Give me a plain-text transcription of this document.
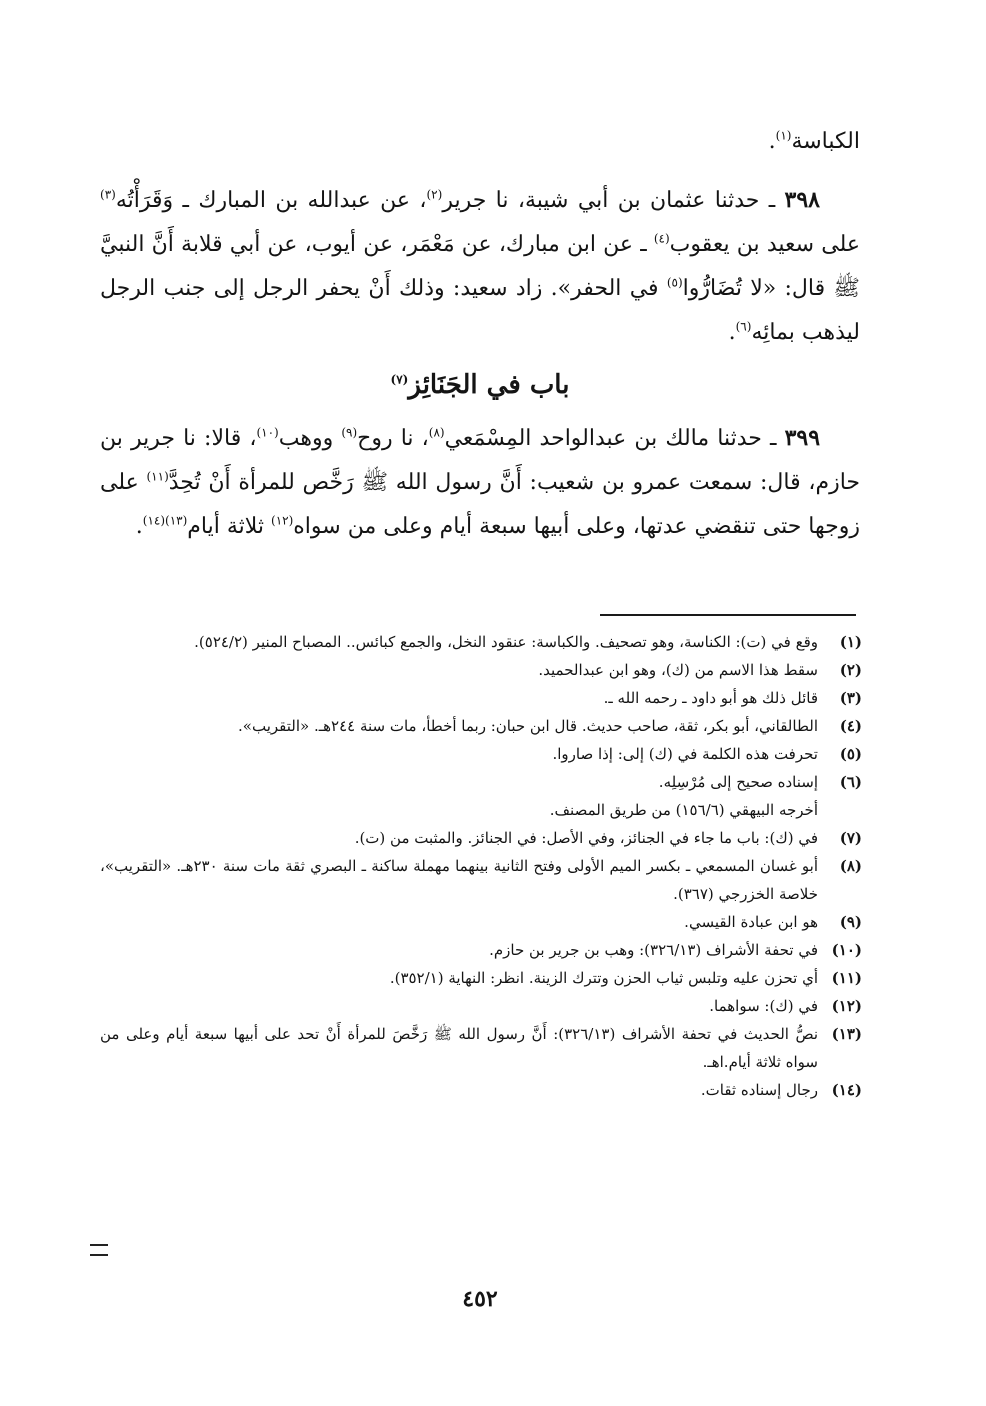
الكباسة$^{(١)}$.

٣٩٨ ـ حدثنا عثمان بن أبي شيبة، نا جرير$^{(٢)}$، عن عبدالله بن المبارك ـ وَقَرَأْتُه$^{(٣)}$ على سعيد بن يعقوب$^{(٤)}$ ـ عن ابن مبارك، عن مَعْمَر، عن أيوب، عن أبي قلابة أَنَّ النبيَّ ﷺ قال: «لا تُضَارُّوا$^{(٥)}$ في الحفر». زاد سعيد: وذلك أَنْ يحفر الرجل إلى جنب الرجل ليذهب بمائِه$^{(٦)}$.

باب في الجَنَائِز$^{(٧)}$

٣٩٩ ـ حدثنا مالك بن عبدالواحد المِسْمَعي$^{(٨)}$، نا روح$^{(٩)}$ ووهب$^{(١٠)}$، قالا: نا جرير بن حازم، قال: سمعت عمرو بن شعيب: أَنَّ رسول الله ﷺ رَخَّص للمرأة أَنْ تُحِدَّ$^{(١١)}$ على زوجها حتى تنقضي عدتها، وعلى أبيها سبعة أيام وعلى من سواه$^{(١٢)}$ ثلاثة أيام$^{(١٣)(١٤)}$.

(١)
وقع في (ت): الكناسة، وهو تصحيف. والكباسة: عنقود النخل، والجمع كبائس.. المصباح المنير (٥٢٤/٢).
(٢)
سقط هذا الاسم من (ك)، وهو ابن عبدالحميد.
(٣)
قائل ذلك هو أبو داود ـ رحمه الله ـ.
(٤)
الطالقاني، أبو بكر، ثقة، صاحب حديث. قال ابن حبان: ربما أخطأ، مات سنة ٢٤٤هـ. «التقريب».
(٥)
تحرفت هذه الكلمة في (ك) إلى: إذا صاروا.
(٦)
إسناده صحيح إلى مُرْسِلِه.
أخرجه البيهقي (١٥٦/٦) من طريق المصنف.
(٧)
في (ك): باب ما جاء في الجنائز، وفي الأصل: في الجنائز. والمثبت من (ت).
(٨)
أبو غسان المسمعي ـ بكسر الميم الأولى وفتح الثانية بينهما مهملة ساكنة ـ البصري ثقة مات سنة ٢٣٠هـ. «التقريب»، خلاصة الخزرجي (٣٦٧).
(٩)
هو ابن عبادة القيسي.
(١٠)
في تحفة الأشراف (٣٢٦/١٣): وهب بن جرير بن حازم.
(١١)
أي تحزن عليه وتلبس ثياب الحزن وتترك الزينة. انظر: النهاية (٣٥٢/١).
(١٢)
في (ك): سواهما.
(١٣)
نصُّ الحديث في تحفة الأشراف (٣٢٦/١٣): أَنَّ رسول الله ﷺ رَخَّصَ للمرأة أَنْ تحد على أبيها سبعة أيام وعلى من سواه ثلاثة أيام.اهـ.
(١٤)
رجال إسناده ثقات.
٤٥٢
